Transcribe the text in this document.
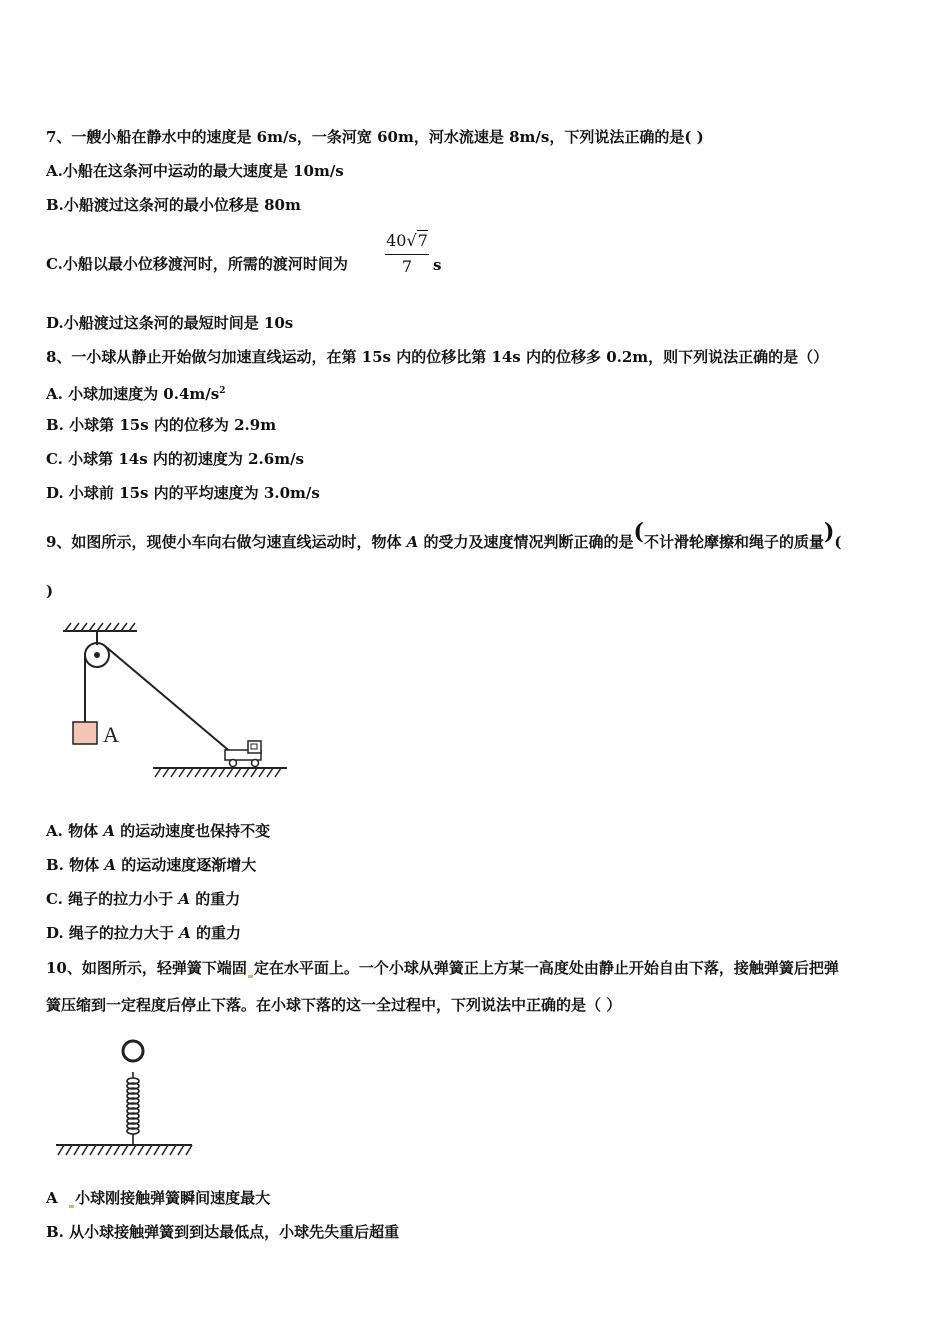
7、一艘小船在静水中的速度是 6m/s，一条河宽 60m，河水流速是 8m/s，下列说法正确的是( )
A.小船在这条河中运动的最大速度是 10m/s
B.小船渡过这条河的最小位移是 80m
C.小船以最小位移渡河时，所需的渡河时间为
40√7
7	s
D.小船渡过这条河的最短时间是 10s
8、一小球从静止开始做匀加速直线运动，在第 15s 内的位移比第 14s 内的位移多 0.2m，则下列说法正确的是（）
A. 小球加速度为 $0.4m/s^2$
B. 小球第 15s 内的位移为 2.9m
C. 小球第 14s 内的初速度为 2.6m/s
D. 小球前 15s 内的平均速度为 3.0m/s
9、如图所示，现使小车向右做匀速直线运动时，物体 A 的受力及速度情况判断正确的是(不计滑轮摩擦和绳子的质量)(
)
A
A. 物体 A 的运动速度也保持不变
B. 物体 A 的运动速度逐渐增大
C. 绳子的拉力小于 A 的重力
D. 绳子的拉力大于 A 的重力
10、如图所示，轻弹簧下端固 定在水平面上。一个小球从弹簧正上方某一高度处由静止开始自由下落，接触弹簧后把弹
簧压缩到一定程度后停止下落。在小球下落的这一全过程中，下列说法中正确的是（ ）
A 小球刚接触弹簧瞬间速度最大
B. 从小球接触弹簧到到达最低点，小球先失重后超重
